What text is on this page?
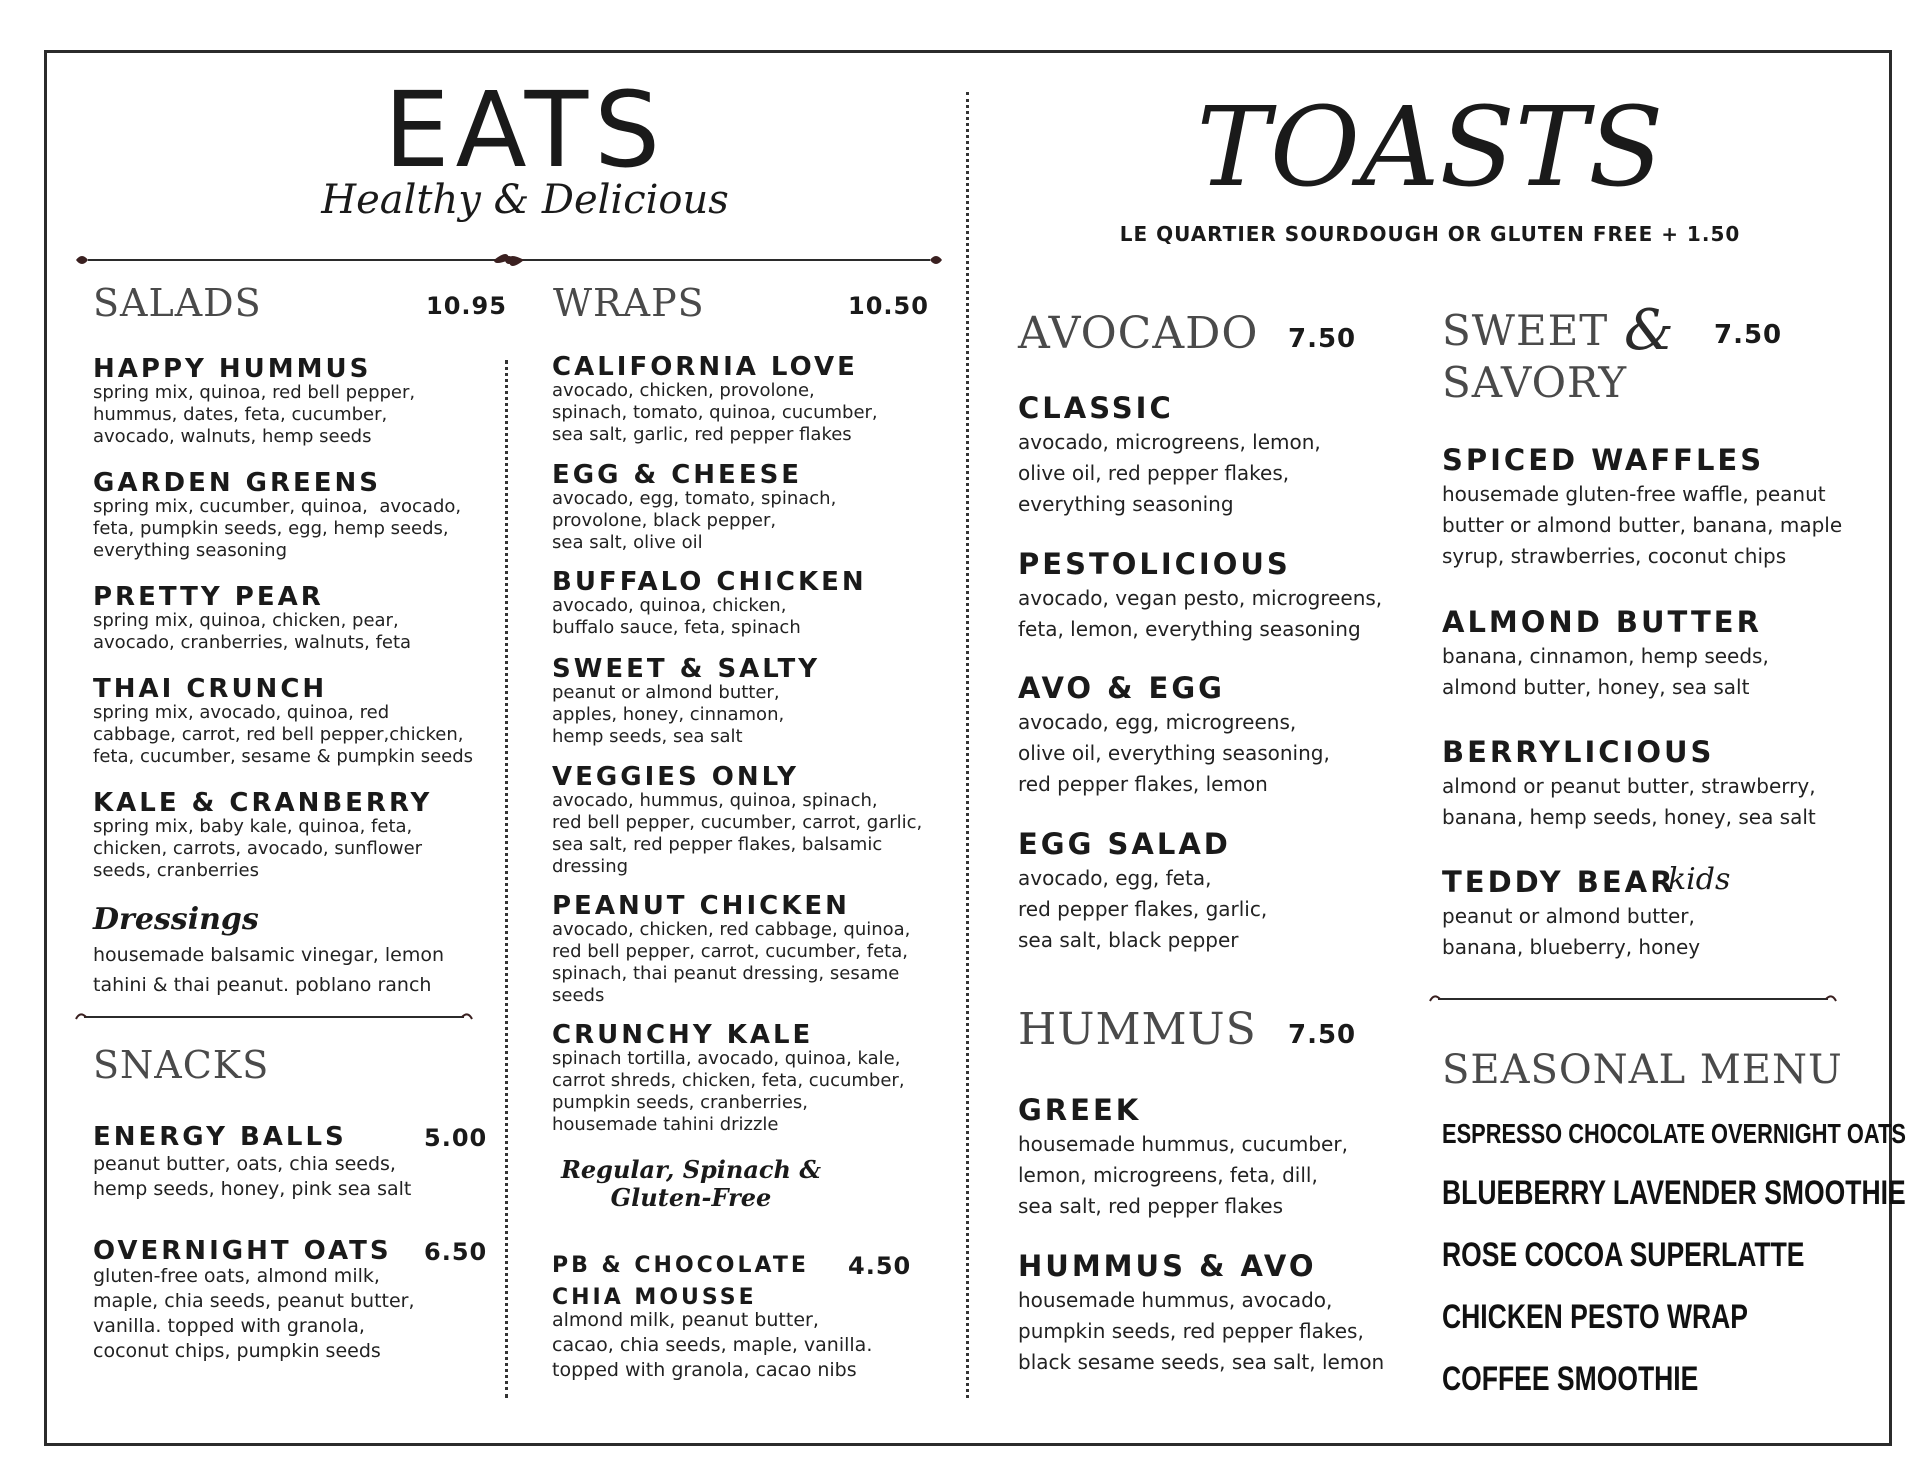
EATS
Healthy & Delicious	TOASTS
LE QUARTIER SOURDOUGH OR GLUTEN FREE + 1.50
SALADS	10.95
HAPPY HUMMUS
spring mix, quinoa, red bell pepper,
hummus, dates, feta, cucumber,
avocado, walnuts, hemp seeds
GARDEN GREENS
spring mix, cucumber, quinoa,  avocado,
feta, pumpkin seeds, egg, hemp seeds,
everything seasoning
PRETTY PEAR
spring mix, quinoa, chicken, pear,
avocado, cranberries, walnuts, feta
THAI CRUNCH
spring mix, avocado, quinoa, red
cabbage, carrot, red bell pepper,chicken,
feta, cucumber, sesame & pumpkin seeds
KALE & CRANBERRY
spring mix, baby kale, quinoa, feta,
chicken, carrots, avocado, sunflower
seeds, cranberries
Dressings
housemade balsamic vinegar, lemon
tahini & thai peanut. poblano ranch
SNACKS
ENERGY BALLS	5.00
peanut butter, oats, chia seeds,
hemp seeds, honey, pink sea salt
OVERNIGHT OATS 6.50
gluten-free oats, almond milk,
maple, chia seeds, peanut butter,
vanilla. topped with granola,
coconut chips, pumpkin seeds
WRAPS	10.50
CALIFORNIA LOVE
avocado, chicken, provolone,
spinach, tomato, quinoa, cucumber,
sea salt, garlic, red pepper flakes
EGG & CHEESE
avocado, egg, tomato, spinach,
provolone, black pepper,
sea salt, olive oil
BUFFALO CHICKEN
avocado, quinoa, chicken,
buffalo sauce, feta, spinach
SWEET & SALTY
peanut or almond butter,
apples, honey, cinnamon,
hemp seeds, sea salt
VEGGIES ONLY
avocado, hummus, quinoa, spinach,
red bell pepper, cucumber, carrot, garlic,
sea salt, red pepper flakes, balsamic
dressing
PEANUT CHICKEN
avocado, chicken, red cabbage, quinoa,
red bell pepper, carrot, cucumber, feta,
spinach, thai peanut dressing, sesame
seeds
CRUNCHY KALE
spinach tortilla, avocado, quinoa, kale,
carrot shreds, chicken, feta, cucumber,
pumpkin seeds, cranberries,
housemade tahini drizzle
Regular, Spinach &
Gluten-Free
PB & CHOCOLATE
CHIA MOUSSE
4.50
almond milk, peanut butter,
cacao, chia seeds, maple, vanilla.
topped with granola, cacao nibs
AVOCADO 7.50
CLASSIC
avocado, microgreens, lemon,
olive oil, red pepper flakes,
everything seasoning
PESTOLICIOUS
avocado, vegan pesto, microgreens,
feta, lemon, everything seasoning
AVO & EGG
avocado, egg, microgreens,
olive oil, everything seasoning,
red pepper flakes, lemon
EGG SALAD
avocado, egg, feta,
red pepper flakes, garlic,
sea salt, black pepper
HUMMUS 7.50
GREEK
housemade hummus, cucumber,
lemon, microgreens, feta, dill,
sea salt, red pepper flakes
HUMMUS & AVO
housemade hummus, avocado,
pumpkin seeds, red pepper flakes,
black sesame seeds, sea salt, lemon
SWEET &
SAVORY
7.50
SPICED WAFFLES
housemade gluten-free waffle, peanut
butter or almond butter, banana, maple
syrup, strawberries, coconut chips
ALMOND BUTTER
banana, cinnamon, hemp seeds,
almond butter, honey, sea salt
BERRYLICIOUS
almond or peanut butter, strawberry,
banana, hemp seeds, honey, sea salt
TEDDY BEAR
kids
peanut or almond butter,
banana, blueberry, honey
SEASONAL MENU
ESPRESSO CHOCOLATE OVERNIGHT OATS
BLUEBERRY LAVENDER SMOOTHIE
ROSE COCOA SUPERLATTE
CHICKEN PESTO WRAP
COFFEE SMOOTHIE
